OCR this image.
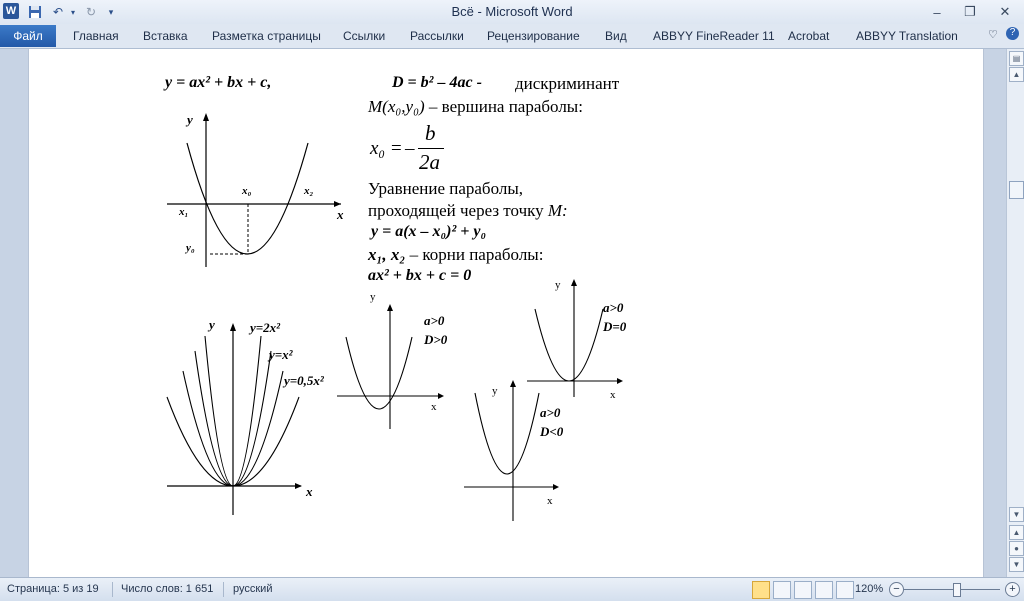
W	↶ ▾ ↻	▾	Всё - Microsoft Word	–	❐	✕
Файл	Главная Вставка Разметка страницы Ссылки Рассылки Рецензирование Вид ABBYY FineReader 11 Acrobat ABBYY Translation	♡	?
y = ax² + bx + c,	D = b² – 4ac - дискриминант
M(x₀,y₀) – вершина параболы:
x₀ = –
b
2a
Уравнение параболы,
проходящей через точку M:
y = a(x – x₀)² + y₀
x₁, x₂ – корни параболы:
ax² + bx + c = 0
y
x
x₀
x₁
x₂
y₀
y
x
y=2x²
y=x²
y=0,5x²
y
x
a>0
D>0
y
x
a>0
D=0
y
x
a>0
D<0
▤
▲
▼
▲
●
▼
Страница: 5 из 19 Число слов: 1 651 русский	120% −	+
